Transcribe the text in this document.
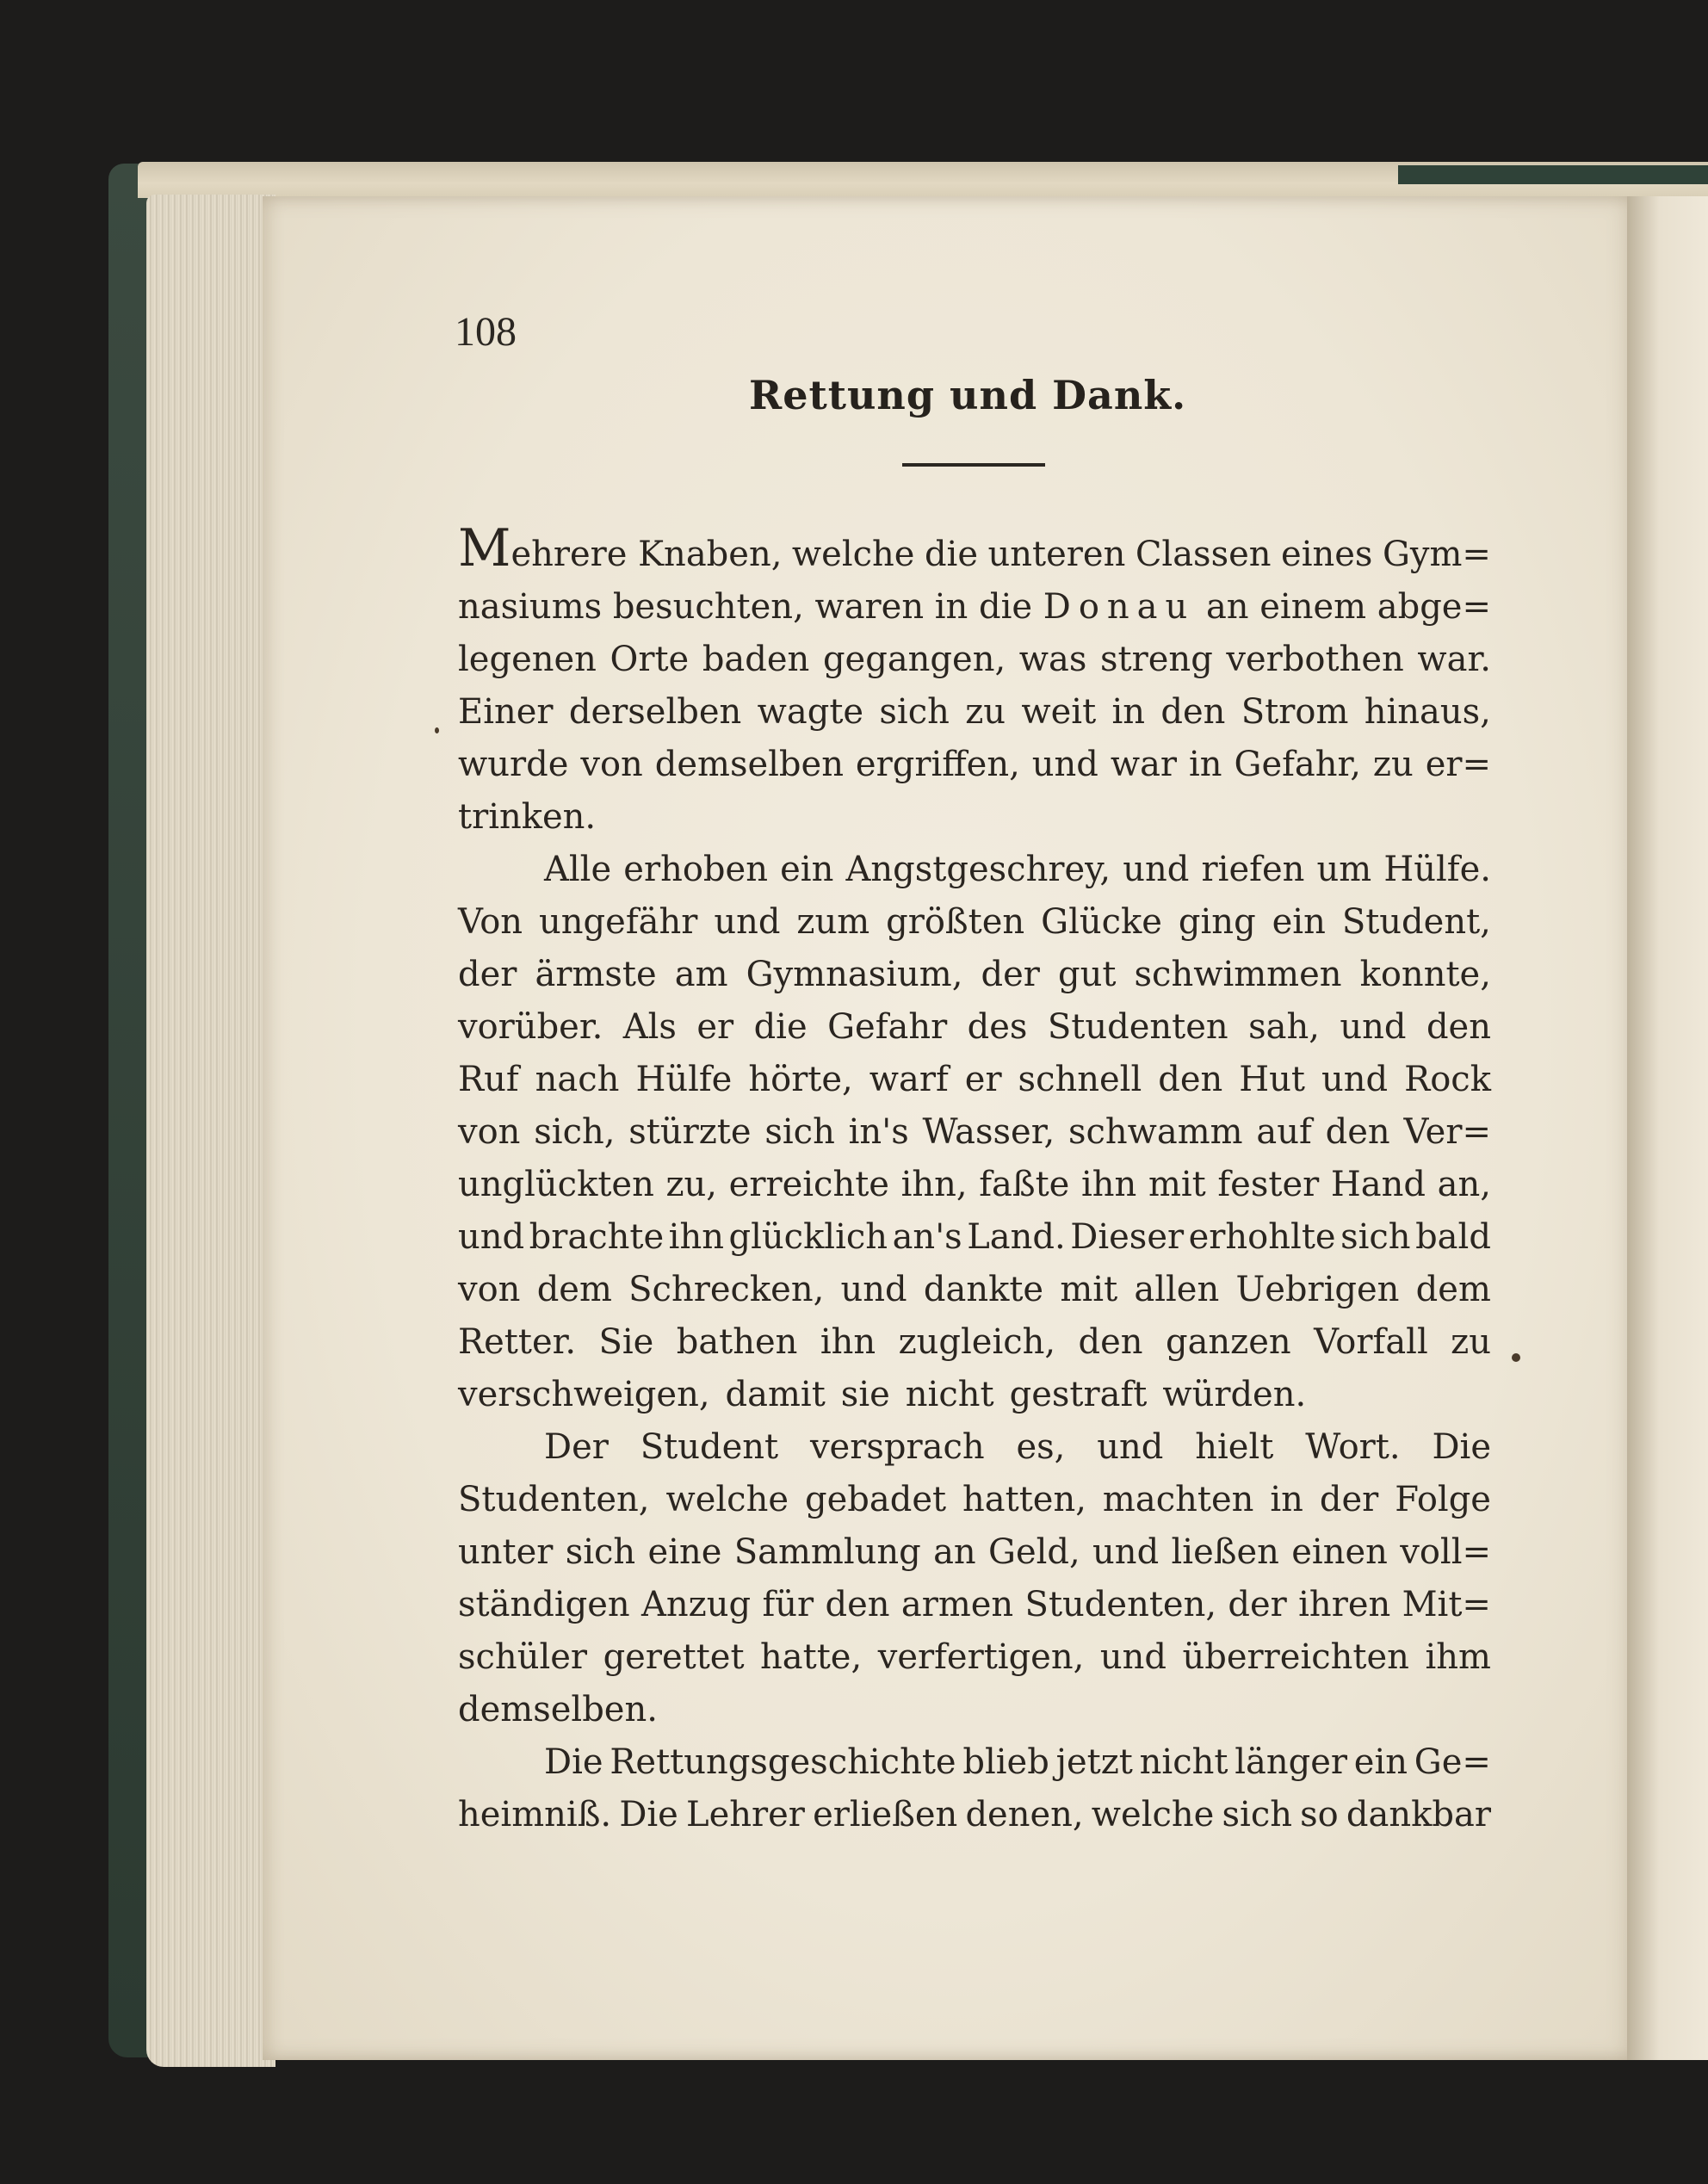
108
Rettung und Dank.
Mehrere Knaben, welche die unteren Classen eines Gym=
nasiums besuchten, waren in die Donau an einem abge=
legenen Orte baden gegangen, was streng verbothen war.
Einer derselben wagte sich zu weit in den Strom hinaus,
wurde von demselben ergriffen, und war in Gefahr, zu er=
trinken.
Alle erhoben ein Angstgeschrey, und riefen um Hülfe.
Von ungefähr und zum größten Glücke ging ein Student,
der ärmste am Gymnasium, der gut schwimmen konnte,
vorüber. Als er die Gefahr des Studenten sah, und den
Ruf nach Hülfe hörte, warf er schnell den Hut und Rock
von sich, stürzte sich in's Wasser, schwamm auf den Ver=
unglückten zu, erreichte ihn, faßte ihn mit fester Hand an,
und brachte ihn glücklich an's Land. Dieser erhohlte sich bald
von dem Schrecken, und dankte mit allen Uebrigen dem
Retter. Sie bathen ihn zugleich, den ganzen Vorfall zu
verschweigen, damit sie nicht gestraft würden.
Der Student versprach es, und hielt Wort. Die
Studenten, welche gebadet hatten, machten in der Folge
unter sich eine Sammlung an Geld, und ließen einen voll=
ständigen Anzug für den armen Studenten, der ihren Mit=
schüler gerettet hatte, verfertigen, und überreichten ihm
demselben.
Die Rettungsgeschichte blieb jetzt nicht länger ein Ge=
heimniß. Die Lehrer erließen denen, welche sich so dankbar
